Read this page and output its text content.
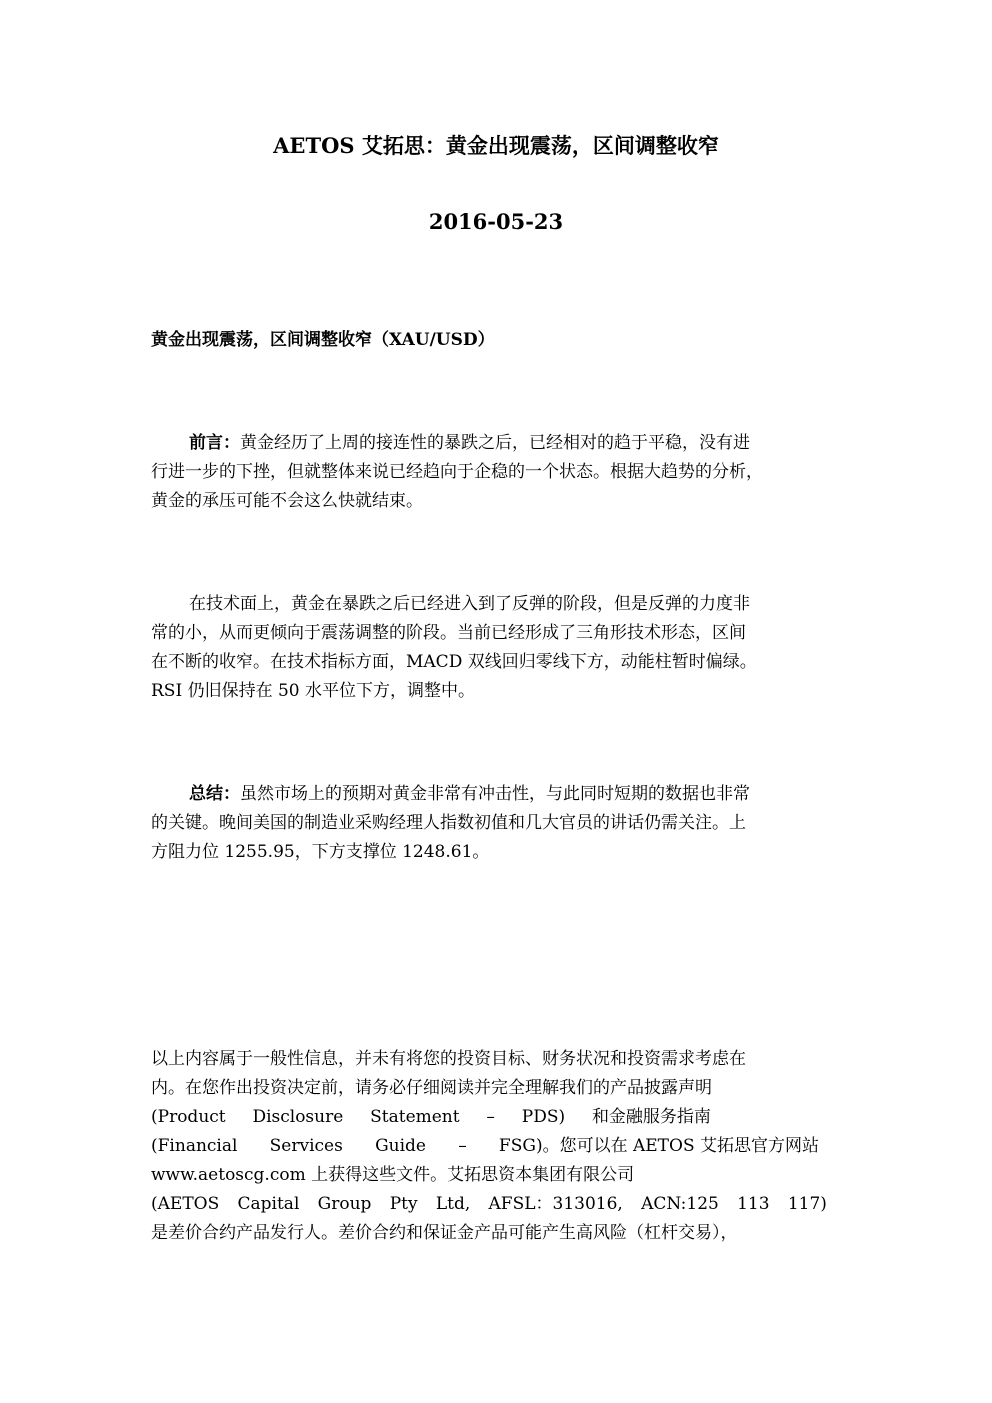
AETOS 艾拓思：黄金出现震荡，区间调整收窄
2016-05-23
黄金出现震荡，区间调整收窄（XAU/USD）
前言：黄金经历了上周的接连性的暴跌之后，已经相对的趋于平稳，没有进
行进一步的下挫，但就整体来说已经趋向于企稳的一个状态。根据大趋势的分析，
黄金的承压可能不会这么快就结束。
在技术面上，黄金在暴跌之后已经进入到了反弹的阶段，但是反弹的力度非
常的小，从而更倾向于震荡调整的阶段。当前已经形成了三角形技术形态，区间
在不断的收窄。在技术指标方面，MACD 双线回归零线下方，动能柱暂时偏绿。
RSI 仍旧保持在 50 水平位下方，调整中。
总结：虽然市场上的预期对黄金非常有冲击性，与此同时短期的数据也非常
的关键。晚间美国的制造业采购经理人指数初值和几大官员的讲话仍需关注。上
方阻力位 1255.95，下方支撑位 1248.61。
以上内容属于一般性信息，并未有将您的投资目标、财务状况和投资需求考虑在
内。在您作出投资决定前，请务必仔细阅读并完全理解我们的产品披露声明
(Product Disclosure Statement – PDS) 和金融服务指南
(Financial Services Guide – FSG)。您可以在 AETOS 艾拓思官方网站
www.aetoscg.com 上获得这些文件。艾拓思资本集团有限公司
(AETOS Capital Group Pty Ltd, AFSL：313016, ACN:125 113 117)
是差价合约产品发行人。差价合约和保证金产品可能产生高风险（杠杆交易），
